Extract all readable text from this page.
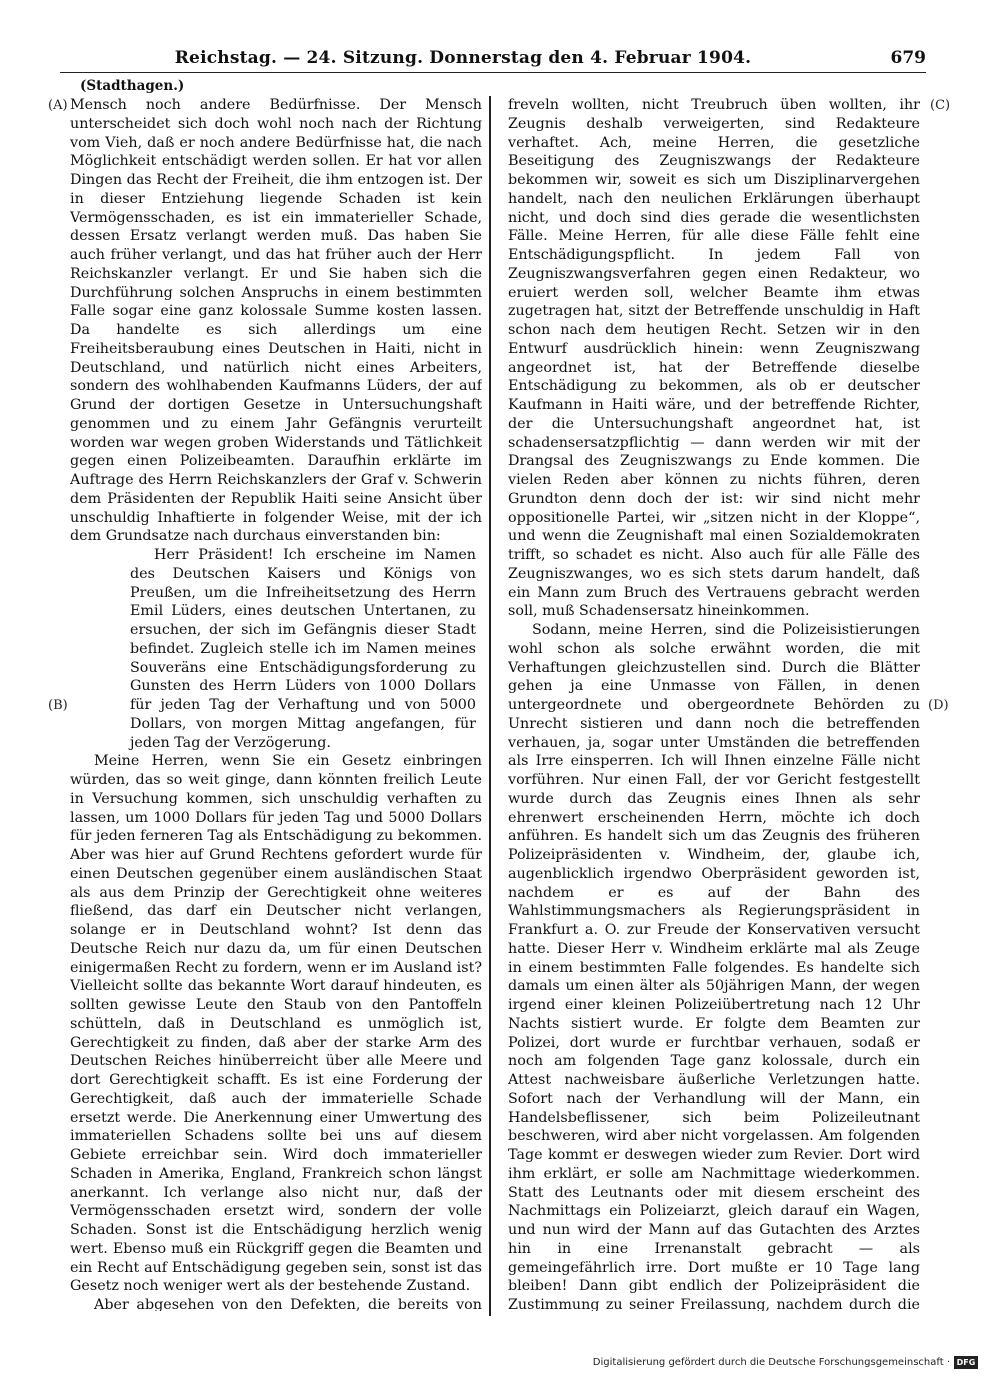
Reichstag. — 24. Sitzung. Donnerstag den 4. Februar 1904.	679
(Stadthagen.)
(A)
(B)
(C)
(D)

Mensch noch andere Bedürfnisse. Der Mensch unterscheidet sich doch wohl noch nach der Richtung vom Vieh, daß er noch andere Bedürfnisse hat, die nach Möglichkeit entschädigt werden sollen. Er hat vor allen Dingen das Recht der Freiheit, die ihm entzogen ist. Der in dieser Entziehung liegende Schaden ist kein Vermögensschaden, es ist ein immaterieller Schade, dessen Ersatz verlangt werden muß. Das haben Sie auch früher verlangt, und das hat früher auch der Herr Reichskanzler verlangt. Er und Sie haben sich die Durchführung solchen Anspruchs in einem bestimmten Falle sogar eine ganz kolossale Summe kosten lassen. Da handelte es sich allerdings um eine Freiheitsberaubung eines Deutschen in Haiti, nicht in Deutschland, und natürlich nicht eines Arbeiters, sondern des wohlhabenden Kaufmanns Lüders, der auf Grund der dortigen Gesetze in Untersuchungshaft genommen und zu einem Jahr Gefängnis verurteilt worden war wegen groben Widerstands und Tätlichkeit gegen einen Polizeibeamten. Daraufhin erklärte im Auftrage des Herrn Reichskanzlers der Graf v. Schwerin dem Präsidenten der Republik Haiti seine Ansicht über unschuldig Inhaftierte in folgender Weise, mit der ich dem Grundsatze nach durchaus einverstanden bin:

Herr Präsident! Ich erscheine im Namen des Deutschen Kaisers und Königs von Preußen, um die Infreiheitsetzung des Herrn Emil Lüders, eines deutschen Untertanen, zu ersuchen, der sich im Gefängnis dieser Stadt befindet. Zugleich stelle ich im Namen meines Souveräns eine Entschädigungsforderung zu Gunsten des Herrn Lüders von 1000 Dollars für jeden Tag der Verhaftung und von 5000 Dollars, von morgen Mittag angefangen, für jeden Tag der Verzögerung.

Meine Herren, wenn Sie ein Gesetz einbringen würden, das so weit ginge, dann könnten freilich Leute in Versuchung kommen, sich unschuldig verhaften zu lassen, um 1000 Dollars für jeden Tag und 5000 Dollars für jeden ferneren Tag als Entschädigung zu bekommen. Aber was hier auf Grund Rechtens gefordert wurde für einen Deutschen gegenüber einem ausländischen Staat als aus dem Prinzip der Gerechtigkeit ohne weiteres fließend, das darf ein Deutscher nicht verlangen, solange er in Deutschland wohnt? Ist denn das Deutsche Reich nur dazu da, um für einen Deutschen einigermaßen Recht zu fordern, wenn er im Ausland ist? Vielleicht sollte das bekannte Wort darauf hindeuten, es sollten gewisse Leute den Staub von den Pantoffeln schütteln, daß in Deutschland es unmöglich ist, Gerechtigkeit zu finden, daß aber der starke Arm des Deutschen Reiches hinüberreicht über alle Meere und dort Gerechtigkeit schafft. Es ist eine Forderung der Gerechtigkeit, daß auch der immaterielle Schade ersetzt werde. Die Anerkennung einer Umwertung des immateriellen Schadens sollte bei uns auf diesem Gebiete erreichbar sein. Wird doch immaterieller Schaden in Amerika, England, Frankreich schon längst anerkannt. Ich verlange also nicht nur, daß der Vermögensschaden ersetzt wird, sondern der volle Schaden. Sonst ist die Entschädigung herzlich wenig wert. Ebenso muß ein Rückgriff gegen die Beamten und ein Recht auf Entschädigung gegeben sein, sonst ist das Gesetz noch weniger wert als der bestehende Zustand.

Aber abgesehen von den Defekten, die bereits von

freveln wollten, nicht Treubruch üben wollten, ihr Zeugnis deshalb verweigerten, sind Redakteure verhaftet. Ach, meine Herren, die gesetzliche Beseitigung des Zeugniszwangs der Redakteure bekommen wir, soweit es sich um Disziplinarvergehen handelt, nach den neulichen Erklärungen überhaupt nicht, und doch sind dies gerade die wesentlichsten Fälle. Meine Herren, für alle diese Fälle fehlt eine Entschädigungspflicht. In jedem Fall von Zeugniszwangsverfahren gegen einen Redakteur, wo eruiert werden soll, welcher Beamte ihm etwas zugetragen hat, sitzt der Betreffende unschuldig in Haft schon nach dem heutigen Recht. Setzen wir in den Entwurf ausdrücklich hinein: wenn Zeugniszwang angeordnet ist, hat der Betreffende dieselbe Entschädigung zu bekommen, als ob er deutscher Kaufmann in Haiti wäre, und der betreffende Richter, der die Untersuchungshaft angeordnet hat, ist schadensersatzpflichtig — dann werden wir mit der Drangsal des Zeugniszwangs zu Ende kommen. Die vielen Reden aber können zu nichts führen, deren Grundton denn doch der ist: wir sind nicht mehr oppositionelle Partei, wir „sitzen nicht in der Kloppe“, und wenn die Zeugnishaft mal einen Sozialdemokraten trifft, so schadet es nicht. Also auch für alle Fälle des Zeugniszwanges, wo es sich stets darum handelt, daß ein Mann zum Bruch des Vertrauens gebracht werden soll, muß Schadensersatz hineinkommen.

Sodann, meine Herren, sind die Polizeisistierungen wohl schon als solche erwähnt worden, die mit Verhaftungen gleichzustellen sind. Durch die Blätter gehen ja eine Unmasse von Fällen, in denen untergeordnete und obergeordnete Behörden zu Unrecht sistieren und dann noch die betreffenden verhauen, ja, sogar unter Umständen die betreffenden als Irre einsperren. Ich will Ihnen einzelne Fälle nicht vorführen. Nur einen Fall, der vor Gericht festgestellt wurde durch das Zeugnis eines Ihnen als sehr ehrenwert erscheinenden Herrn, möchte ich doch anführen. Es handelt sich um das Zeugnis des früheren Polizeipräsidenten v. Windheim, der, glaube ich, augenblicklich irgendwo Oberpräsident geworden ist, nachdem er es auf der Bahn des Wahlstimmungsmachers als Regierungspräsident in Frankfurt a. O. zur Freude der Konservativen versucht hatte. Dieser Herr v. Windheim erklärte mal als Zeuge in einem bestimmten Falle folgendes. Es handelte sich damals um einen älter als 50jährigen Mann, der wegen irgend einer kleinen Polizeiübertretung nach 12 Uhr Nachts sistiert wurde. Er folgte dem Beamten zur Polizei, dort wurde er furchtbar verhauen, sodaß er noch am folgenden Tage ganz kolossale, durch ein Attest nachweisbare äußerliche Verletzungen hatte. Sofort nach der Verhandlung will der Mann, ein Handelsbeflissener, sich beim Polizeileutnant beschweren, wird aber nicht vorgelassen. Am folgenden Tage kommt er deswegen wieder zum Revier. Dort wird ihm erklärt, er solle am Nachmittage wiederkommen. Statt des Leutnants oder mit diesem erscheint des Nachmittags ein Polizeiarzt, gleich darauf ein Wagen, und nun wird der Mann auf das Gutachten des Arztes hin in eine Irrenanstalt gebracht — als gemeingefährlich irre. Dort mußte er 10 Tage lang bleiben! Dann gibt endlich der Polizeipräsident die Zustimmung zu seiner Freilassung, nachdem durch die

Digitalisierung gefördert durch die Deutsche Forschungsgemeinschaft · DFG
